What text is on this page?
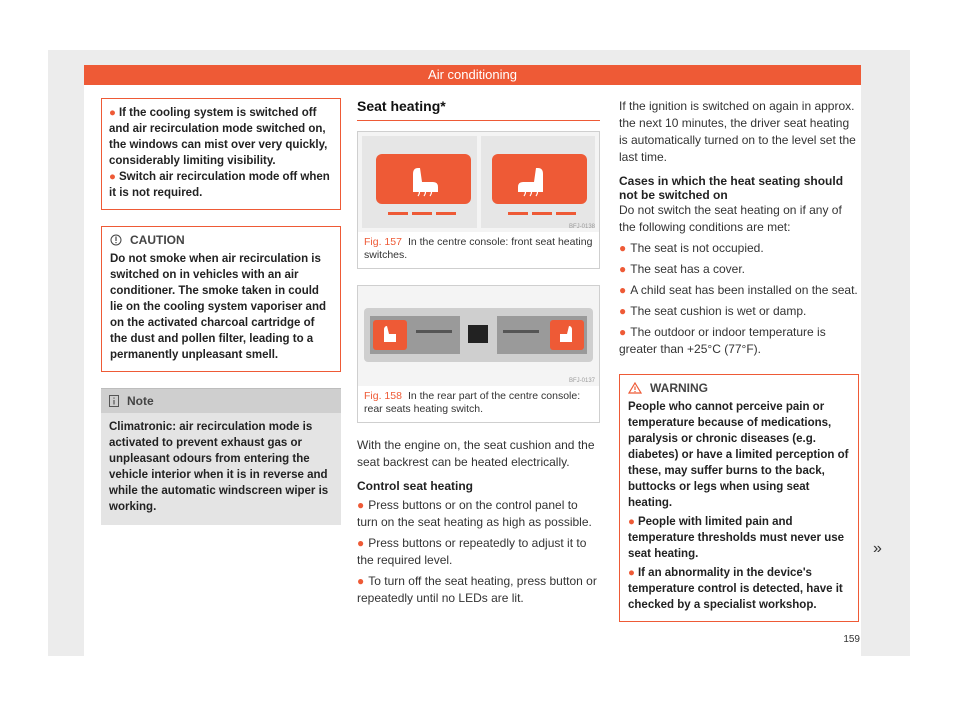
Air conditioning
● If the cooling system is switched off and air recirculation mode switched on, the windows can mist over very quickly, considerably limiting visibility.
● Switch air recirculation mode off when it is not required.
CAUTION
Do not smoke when air recirculation is switched on in vehicles with an air conditioner. The smoke taken in could lie on the cooling system vaporiser and on the activated charcoal cartridge of the dust and pollen filter, leading to a permanently unpleasant smell.
Note
Climatronic: air recirculation mode is activated to prevent exhaust gas or unpleasant odours from entering the vehicle interior when it is in reverse and while the automatic windscreen wiper is working.
Seat heating*
BFJ-0138
Fig. 157 In the centre console: front seat heating switches.
BFJ-0137
Fig. 158 In the rear part of the centre console: rear seats heating switch.
With the engine on, the seat cushion and the seat backrest can be heated electrically.
Control seat heating
● Press buttons or on the control panel to turn on the seat heating as high as possible.
● Press buttons or repeatedly to adjust it to the required level.
● To turn off the seat heating, press button or repeatedly until no LEDs are lit.
If the ignition is switched on again in approx. the next 10 minutes, the driver seat heating is automatically turned on to the level set the last time.
Cases in which the heat seating should not be switched on
Do not switch the seat heating on if any of the following conditions are met:
● The seat is not occupied.
● The seat has a cover.
● A child seat has been installed on the seat.
● The seat cushion is wet or damp.
● The outdoor or indoor temperature is greater than +25°C (77°F).
WARNING
People who cannot perceive pain or temperature because of medications, paralysis or chronic diseases (e.g. diabetes) or have a limited perception of these, may suffer burns to the back, buttocks or legs when using seat heating.
● People with limited pain and temperature thresholds must never use seat heating.
● If an abnormality in the device's temperature control is detected, have it checked by a specialist workshop.
»
159
